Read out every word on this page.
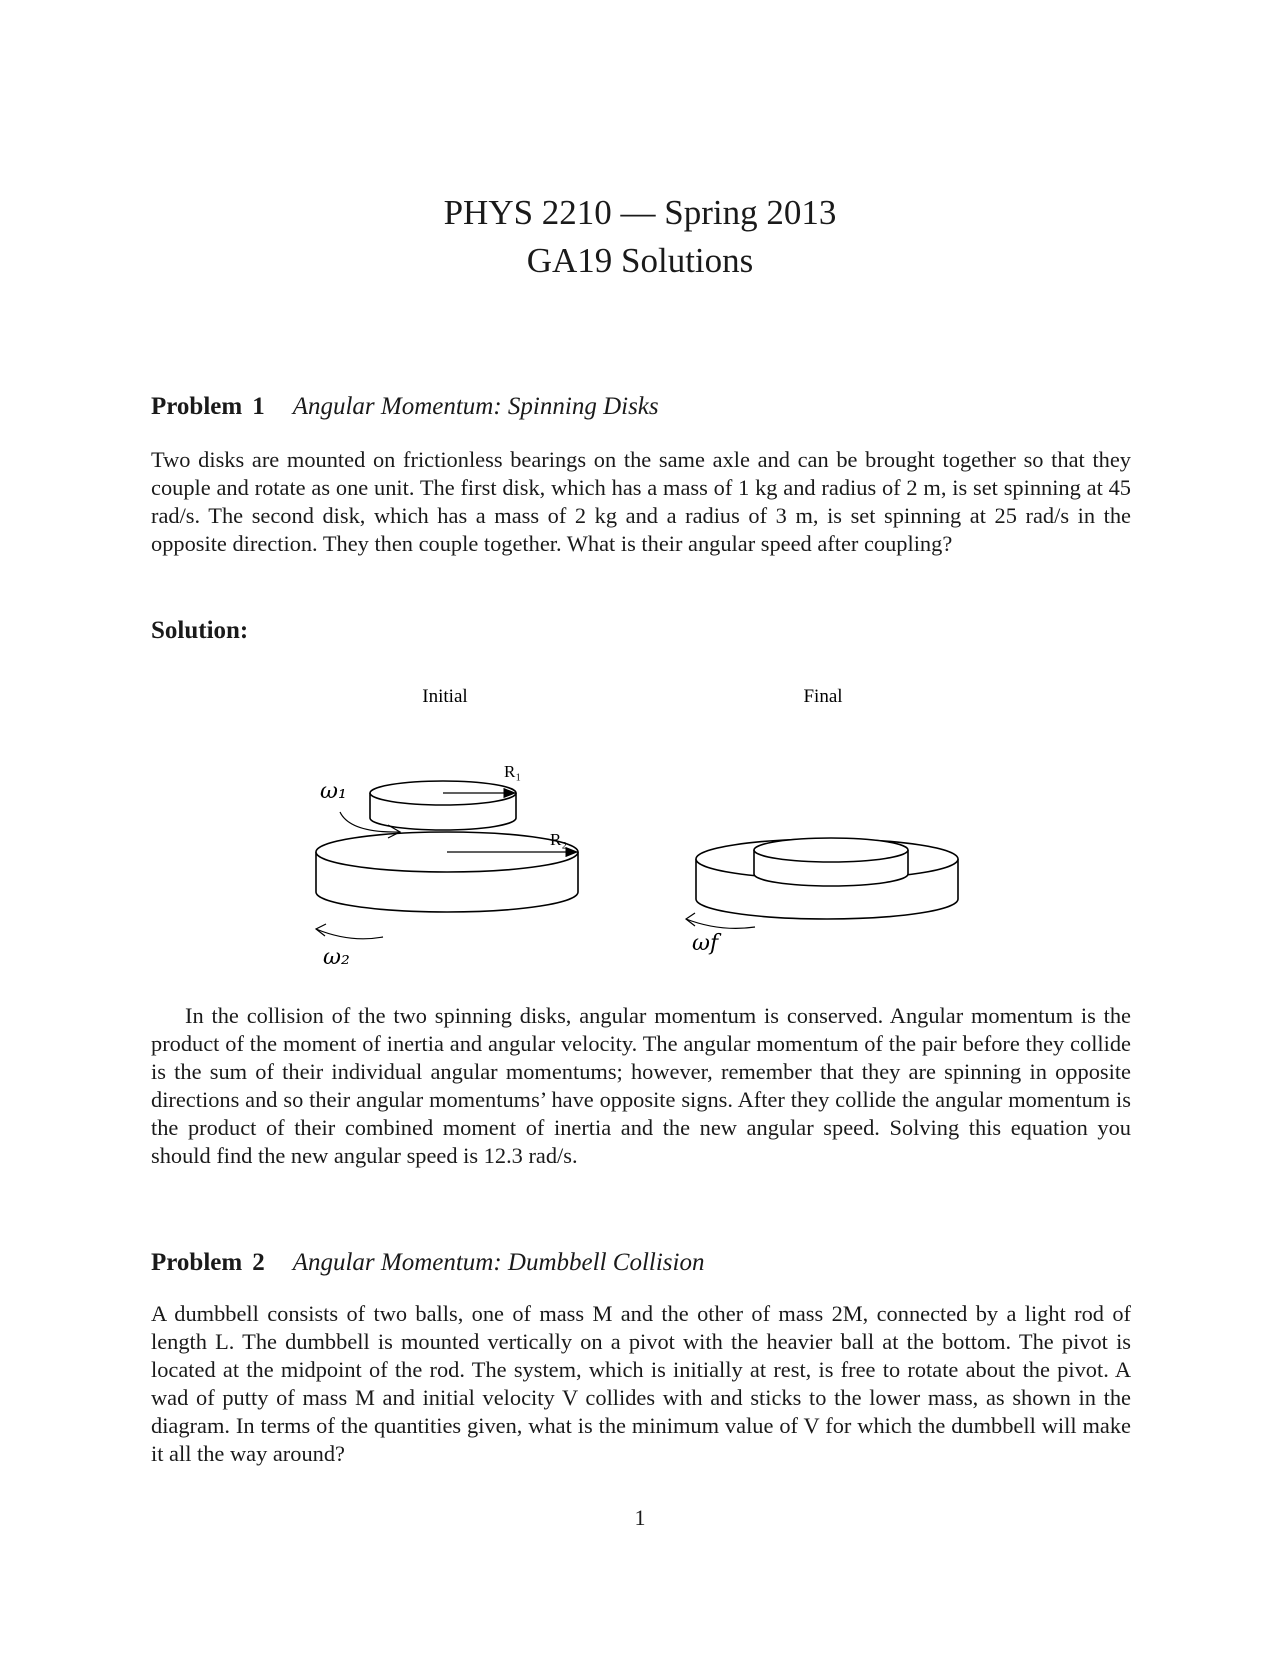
PHYS 2210 — Spring 2013
GA19 Solutions
Problem 1 Angular Momentum: Spinning Disks
Two disks are mounted on frictionless bearings on the same axle and can be brought together so that they couple and rotate as one unit. The first disk, which has a mass of 1 kg and radius of 2 m, is set spinning at 45 rad/s. The second disk, which has a mass of 2 kg and a radius of 3 m, is set spinning at 25 rad/s in the opposite direction. They then couple together. What is their angular speed after coupling?
Solution:
Initial	Final
R₁
R₂
ω₁
ω₂
ωf
In the collision of the two spinning disks, angular momentum is conserved. Angular momentum is the product of the moment of inertia and angular velocity. The angular momentum of the pair before they collide is the sum of their individual angular momentums; however, remember that they are spinning in opposite directions and so their angular momentums’ have opposite signs. After they collide the angular momentum is the product of their combined moment of inertia and the new angular speed. Solving this equation you should find the new angular speed is 12.3 rad/s.
Problem 2 Angular Momentum: Dumbbell Collision
A dumbbell consists of two balls, one of mass M and the other of mass 2M, connected by a light rod of length L. The dumbbell is mounted vertically on a pivot with the heavier ball at the bottom. The pivot is located at the midpoint of the rod. The system, which is initially at rest, is free to rotate about the pivot. A wad of putty of mass M and initial velocity V collides with and sticks to the lower mass, as shown in the diagram. In terms of the quantities given, what is the minimum value of V for which the dumbbell will make it all the way around?
1
